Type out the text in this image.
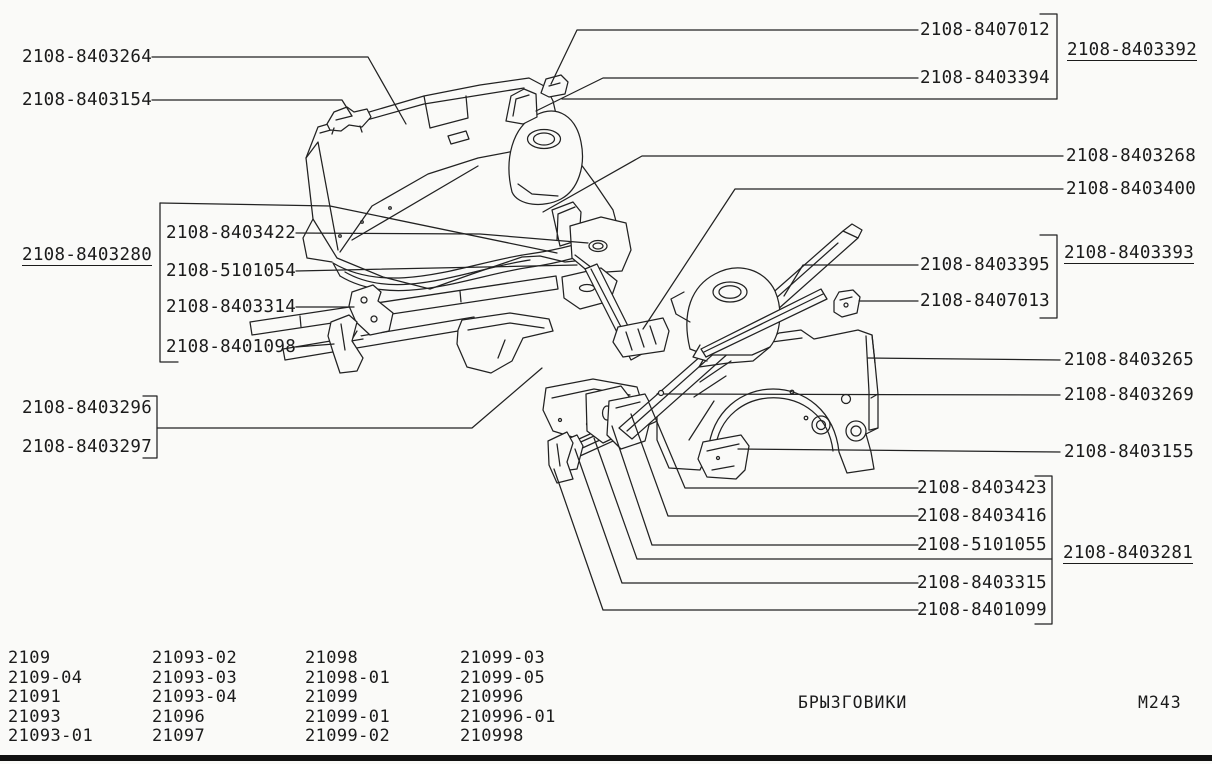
2108-8403264
2108-8403154
2108-8403280
2108-8403422
2108-5101054
2108-8403314
2108-8401098
2108-8403296
2108-8403297
2108-8407012
2108-8403394
2108-8403392
2108-8403268
2108-8403400
2108-8403395
2108-8407013
2108-8403393
2108-8403265
2108-8403269
2108-8403155
2108-8403423
2108-8403416
2108-5101055 2108-8403281
2108-8403315
2108-8401099
2109
2109-04
21091
21093
21093-01
21093-02
21093-03
21093-04
21096
21097
21098
21098-01
21099
21099-01
21099-02
21099-03
21099-05
210996
210996-01
210998
БРЫЗГОВИКИ	М243
